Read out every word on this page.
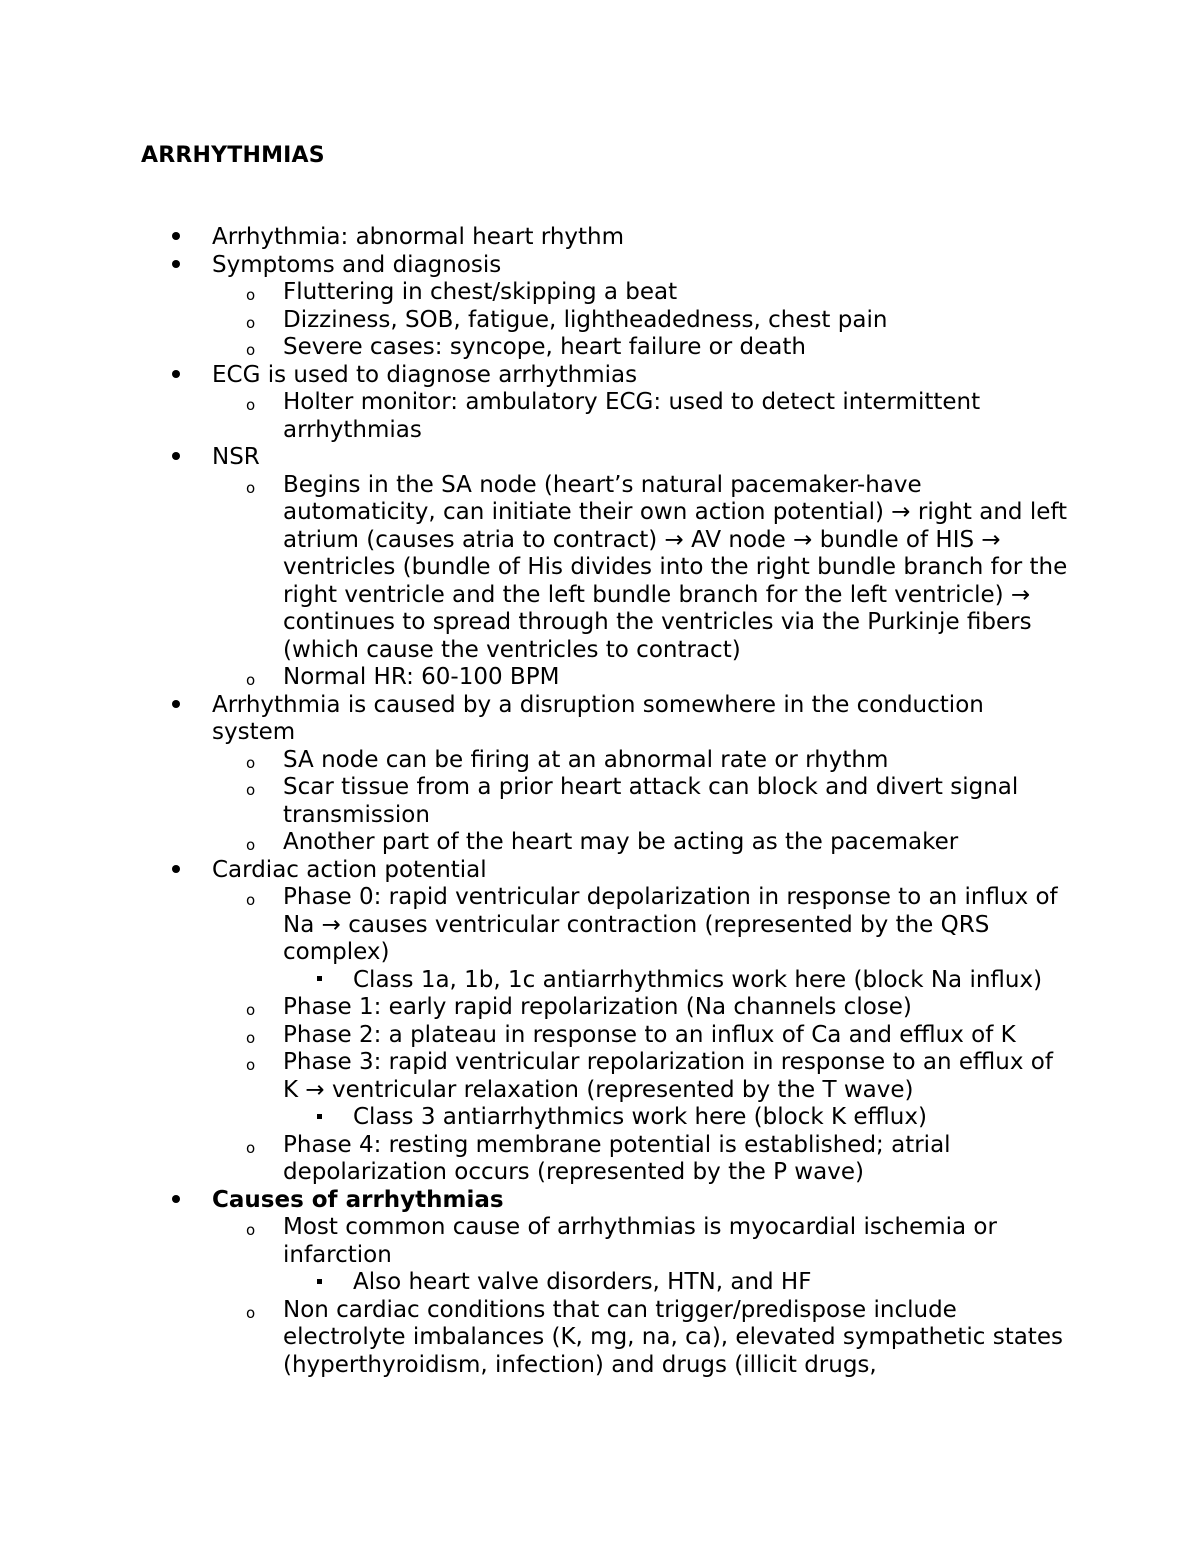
ARRHYTHMIAS
Arrhythmia: abnormal heart rhythm
Symptoms and diagnosis
o Fluttering in chest/skipping a beat
o Dizziness, SOB, fatigue, lightheadedness, chest pain
o Severe cases: syncope, heart failure or death
ECG is used to diagnose arrhythmias
o Holter monitor: ambulatory ECG: used to detect intermittent arrhythmias
NSR
o Begins in the SA node (heart’s natural pacemaker-have automaticity, can initiate their own action potential) → right and left atrium (causes atria to contract) → AV node → bundle of HIS → ventricles (bundle of His divides into the right bundle branch for the right ventricle and the left bundle branch for the left ventricle) → continues to spread through the ventricles via the Purkinje fibers (which cause the ventricles to contract)
o Normal HR: 60-100 BPM
Arrhythmia is caused by a disruption somewhere in the conduction system
o SA node can be firing at an abnormal rate or rhythm
o Scar tissue from a prior heart attack can block and divert signal transmission
o Another part of the heart may be acting as the pacemaker
Cardiac action potential
o Phase 0: rapid ventricular depolarization in response to an influx of Na → causes ventricular contraction (represented by the QRS complex)
Class 1a, 1b, 1c antiarrhythmics work here (block Na influx)
o Phase 1: early rapid repolarization (Na channels close)
o Phase 2: a plateau in response to an influx of Ca and efflux of K
o Phase 3: rapid ventricular repolarization in response to an efflux of K → ventricular relaxation (represented by the T wave)
Class 3 antiarrhythmics work here (block K efflux)
o Phase 4: resting membrane potential is established; atrial depolarization occurs (represented by the P wave)
Causes of arrhythmias
o Most common cause of arrhythmias is myocardial ischemia or infarction
Also heart valve disorders, HTN, and HF
o Non cardiac conditions that can trigger/predispose include electrolyte imbalances (K, mg, na, ca), elevated sympathetic states (hyperthyroidism, infection) and drugs (illicit drugs,
